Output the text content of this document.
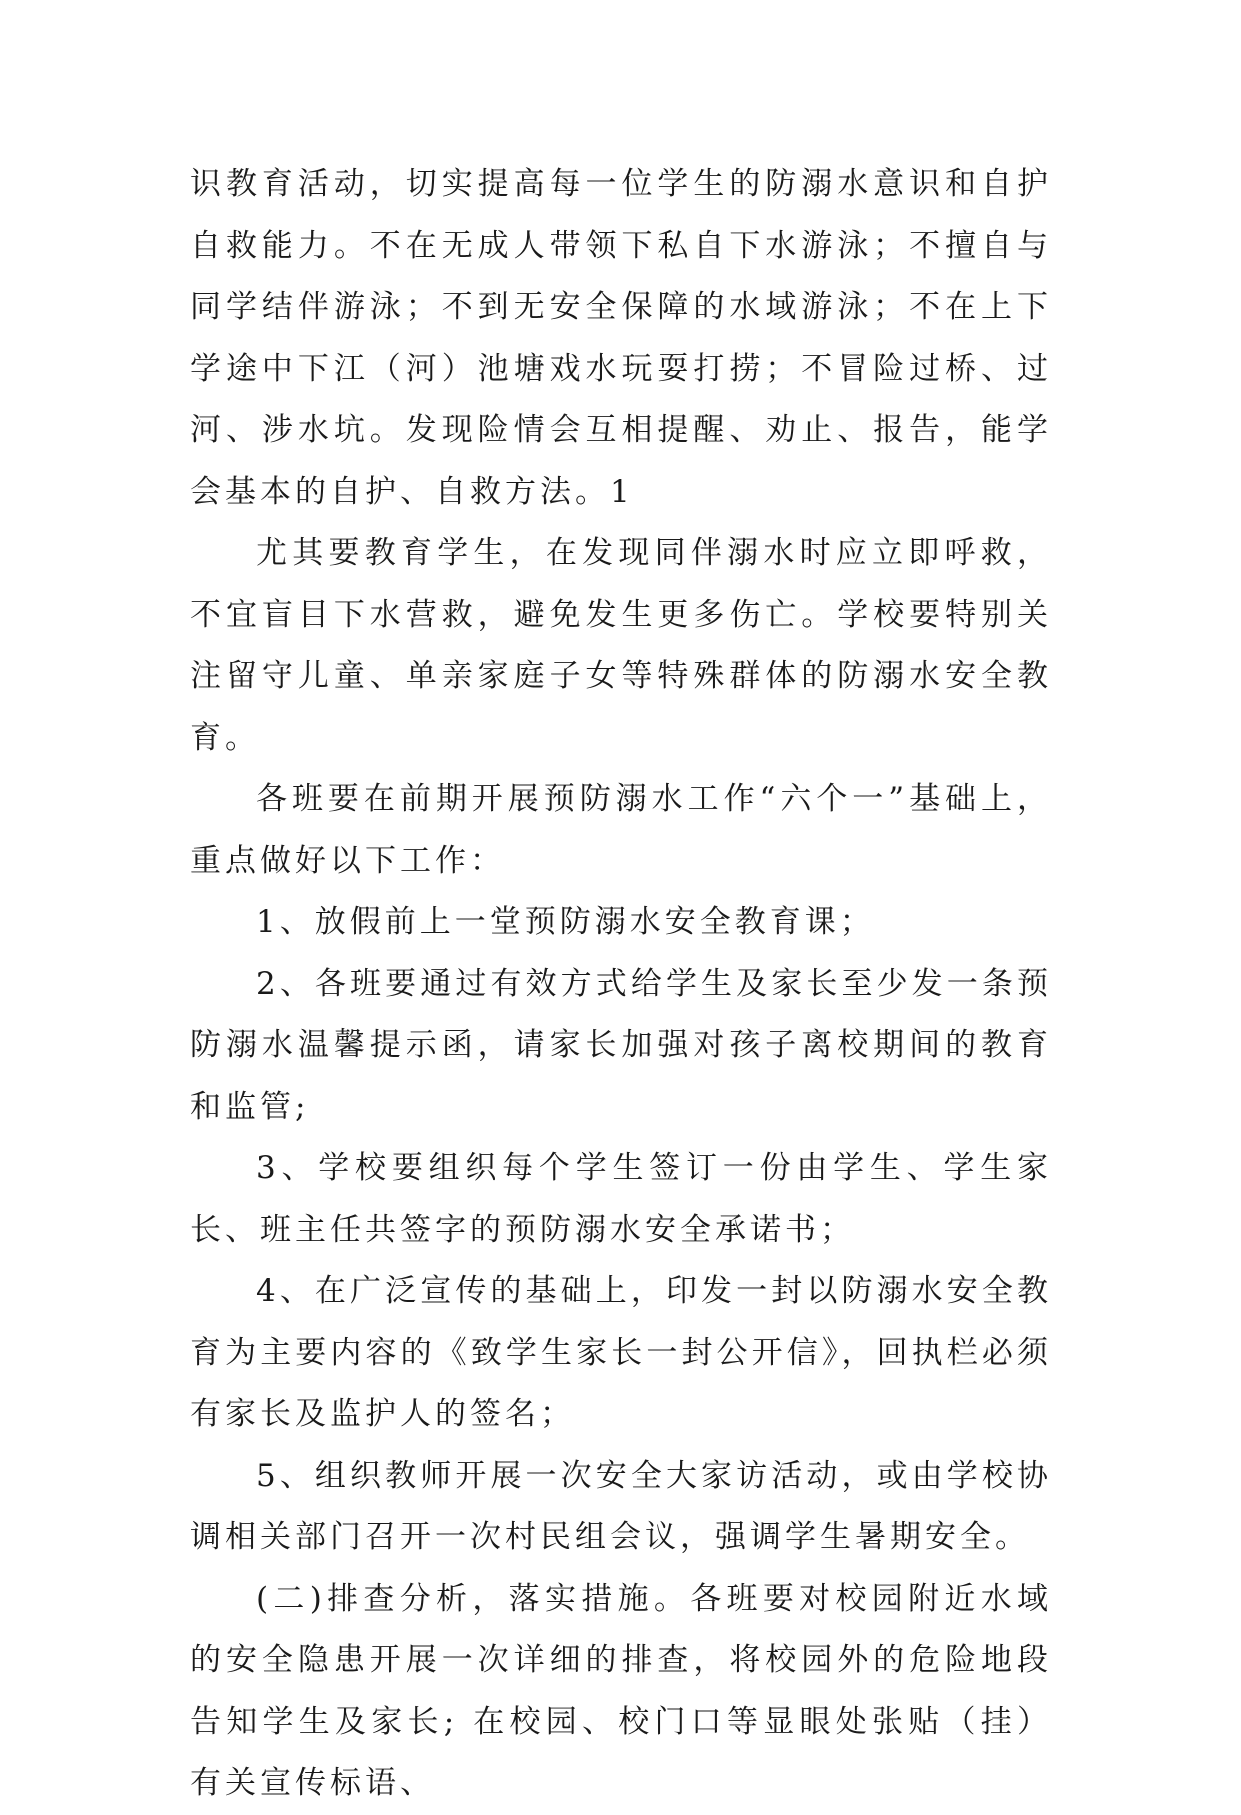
识教育活动，切实提高每一位学生的防溺水意识和自护自救能力。不在无成人带领下私自下水游泳；不擅自与同学结伴游泳；不到无安全保障的水域游泳；不在上下学途中下江（河）池塘戏水玩耍打捞；不冒险过桥、过河、涉水坑。发现险情会互相提醒、劝止、报告，能学会基本的自护、自救方法。1

尤其要教育学生，在发现同伴溺水时应立即呼救，不宜盲目下水营救，避免发生更多伤亡。学校要特别关注留守儿童、单亲家庭子女等特殊群体的防溺水安全教育。

各班要在前期开展预防溺水工作“六个一”基础上，重点做好以下工作：

1、放假前上一堂预防溺水安全教育课；

2、各班要通过有效方式给学生及家长至少发一条预防溺水温馨提示函，请家长加强对孩子离校期间的教育和监管;

3、学校要组织每个学生签订一份由学生、学生家长、班主任共签字的预防溺水安全承诺书；

4、在广泛宣传的基础上，印发一封以防溺水安全教育为主要内容的《致学生家长一封公开信》，回执栏必须有家长及监护人的签名；

5、组织教师开展一次安全大家访活动，或由学校协调相关部门召开一次村民组会议，强调学生暑期安全。

(二)排查分析，落实措施。各班要对校园附近水域的安全隐患开展一次详细的排查，将校园外的危险地段告知学生及家长; 在校园、校门口等显眼处张贴（挂）有关宣传标语、
